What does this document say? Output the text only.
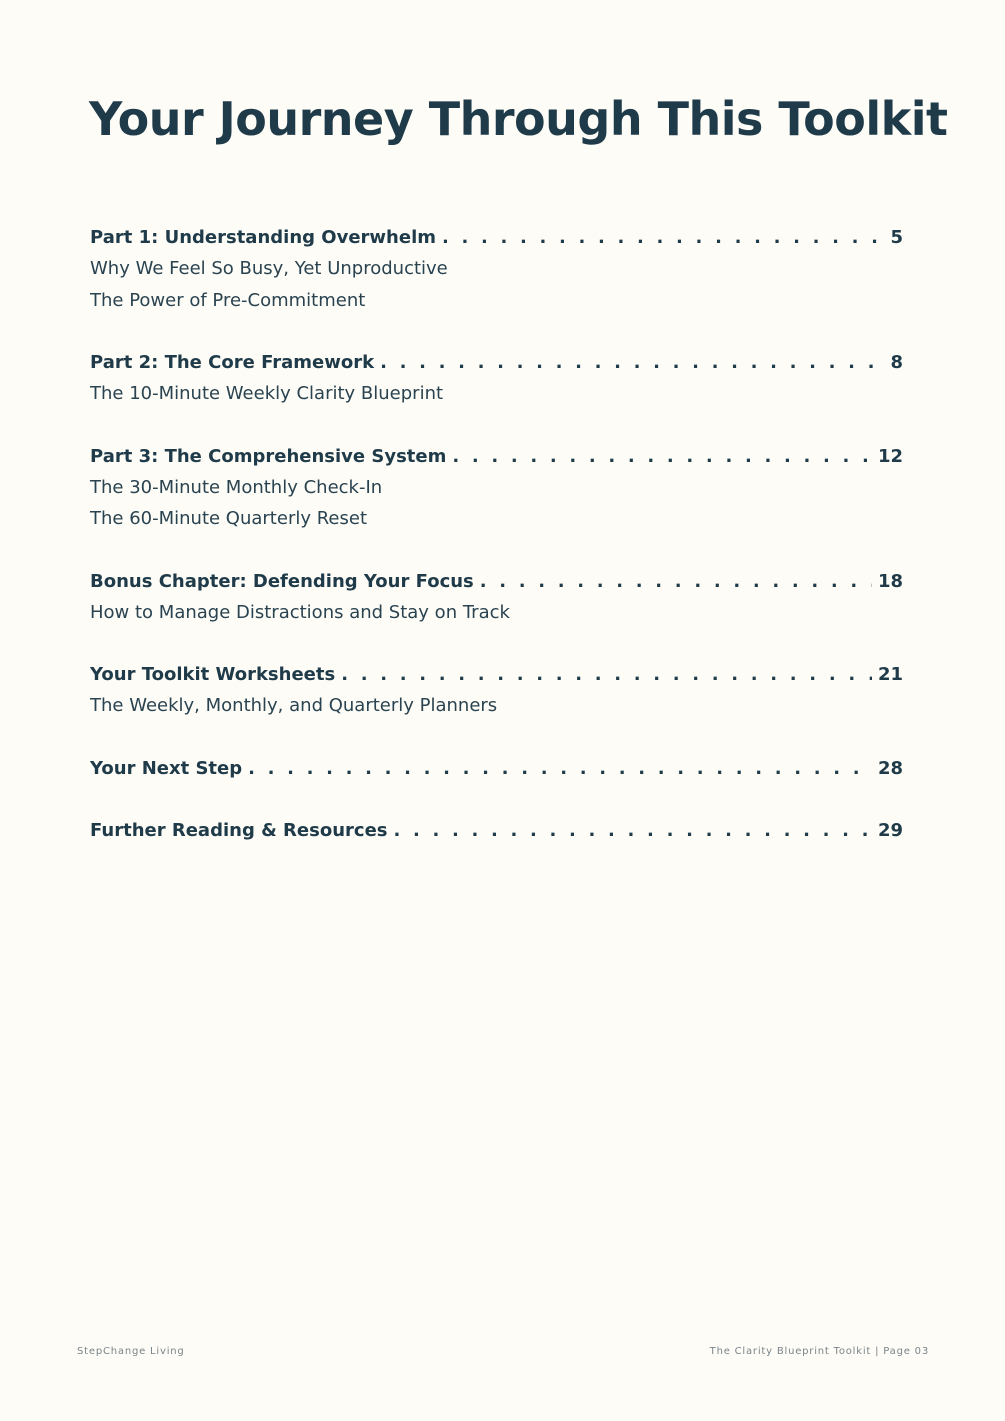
Your Journey Through This Toolkit
Part 1: Understanding Overwhelm . . .	5
Why We Feel So Busy, Yet Unproductive
The Power of Pre-Commitment
Part 2: The Core Framework . . .	8
The 10-Minute Weekly Clarity Blueprint
Part 3: The Comprehensive System . . .	12
The 30-Minute Monthly Check-In
The 60-Minute Quarterly Reset
Bonus Chapter: Defending Your Focus . . .	18
How to Manage Distractions and Stay on Track
Your Toolkit Worksheets . . .	21
The Weekly, Monthly, and Quarterly Planners
Your Next Step . . .	28
Further Reading & Resources . . .	29
StepChange Living	The Clarity Blueprint Toolkit | Page 03
